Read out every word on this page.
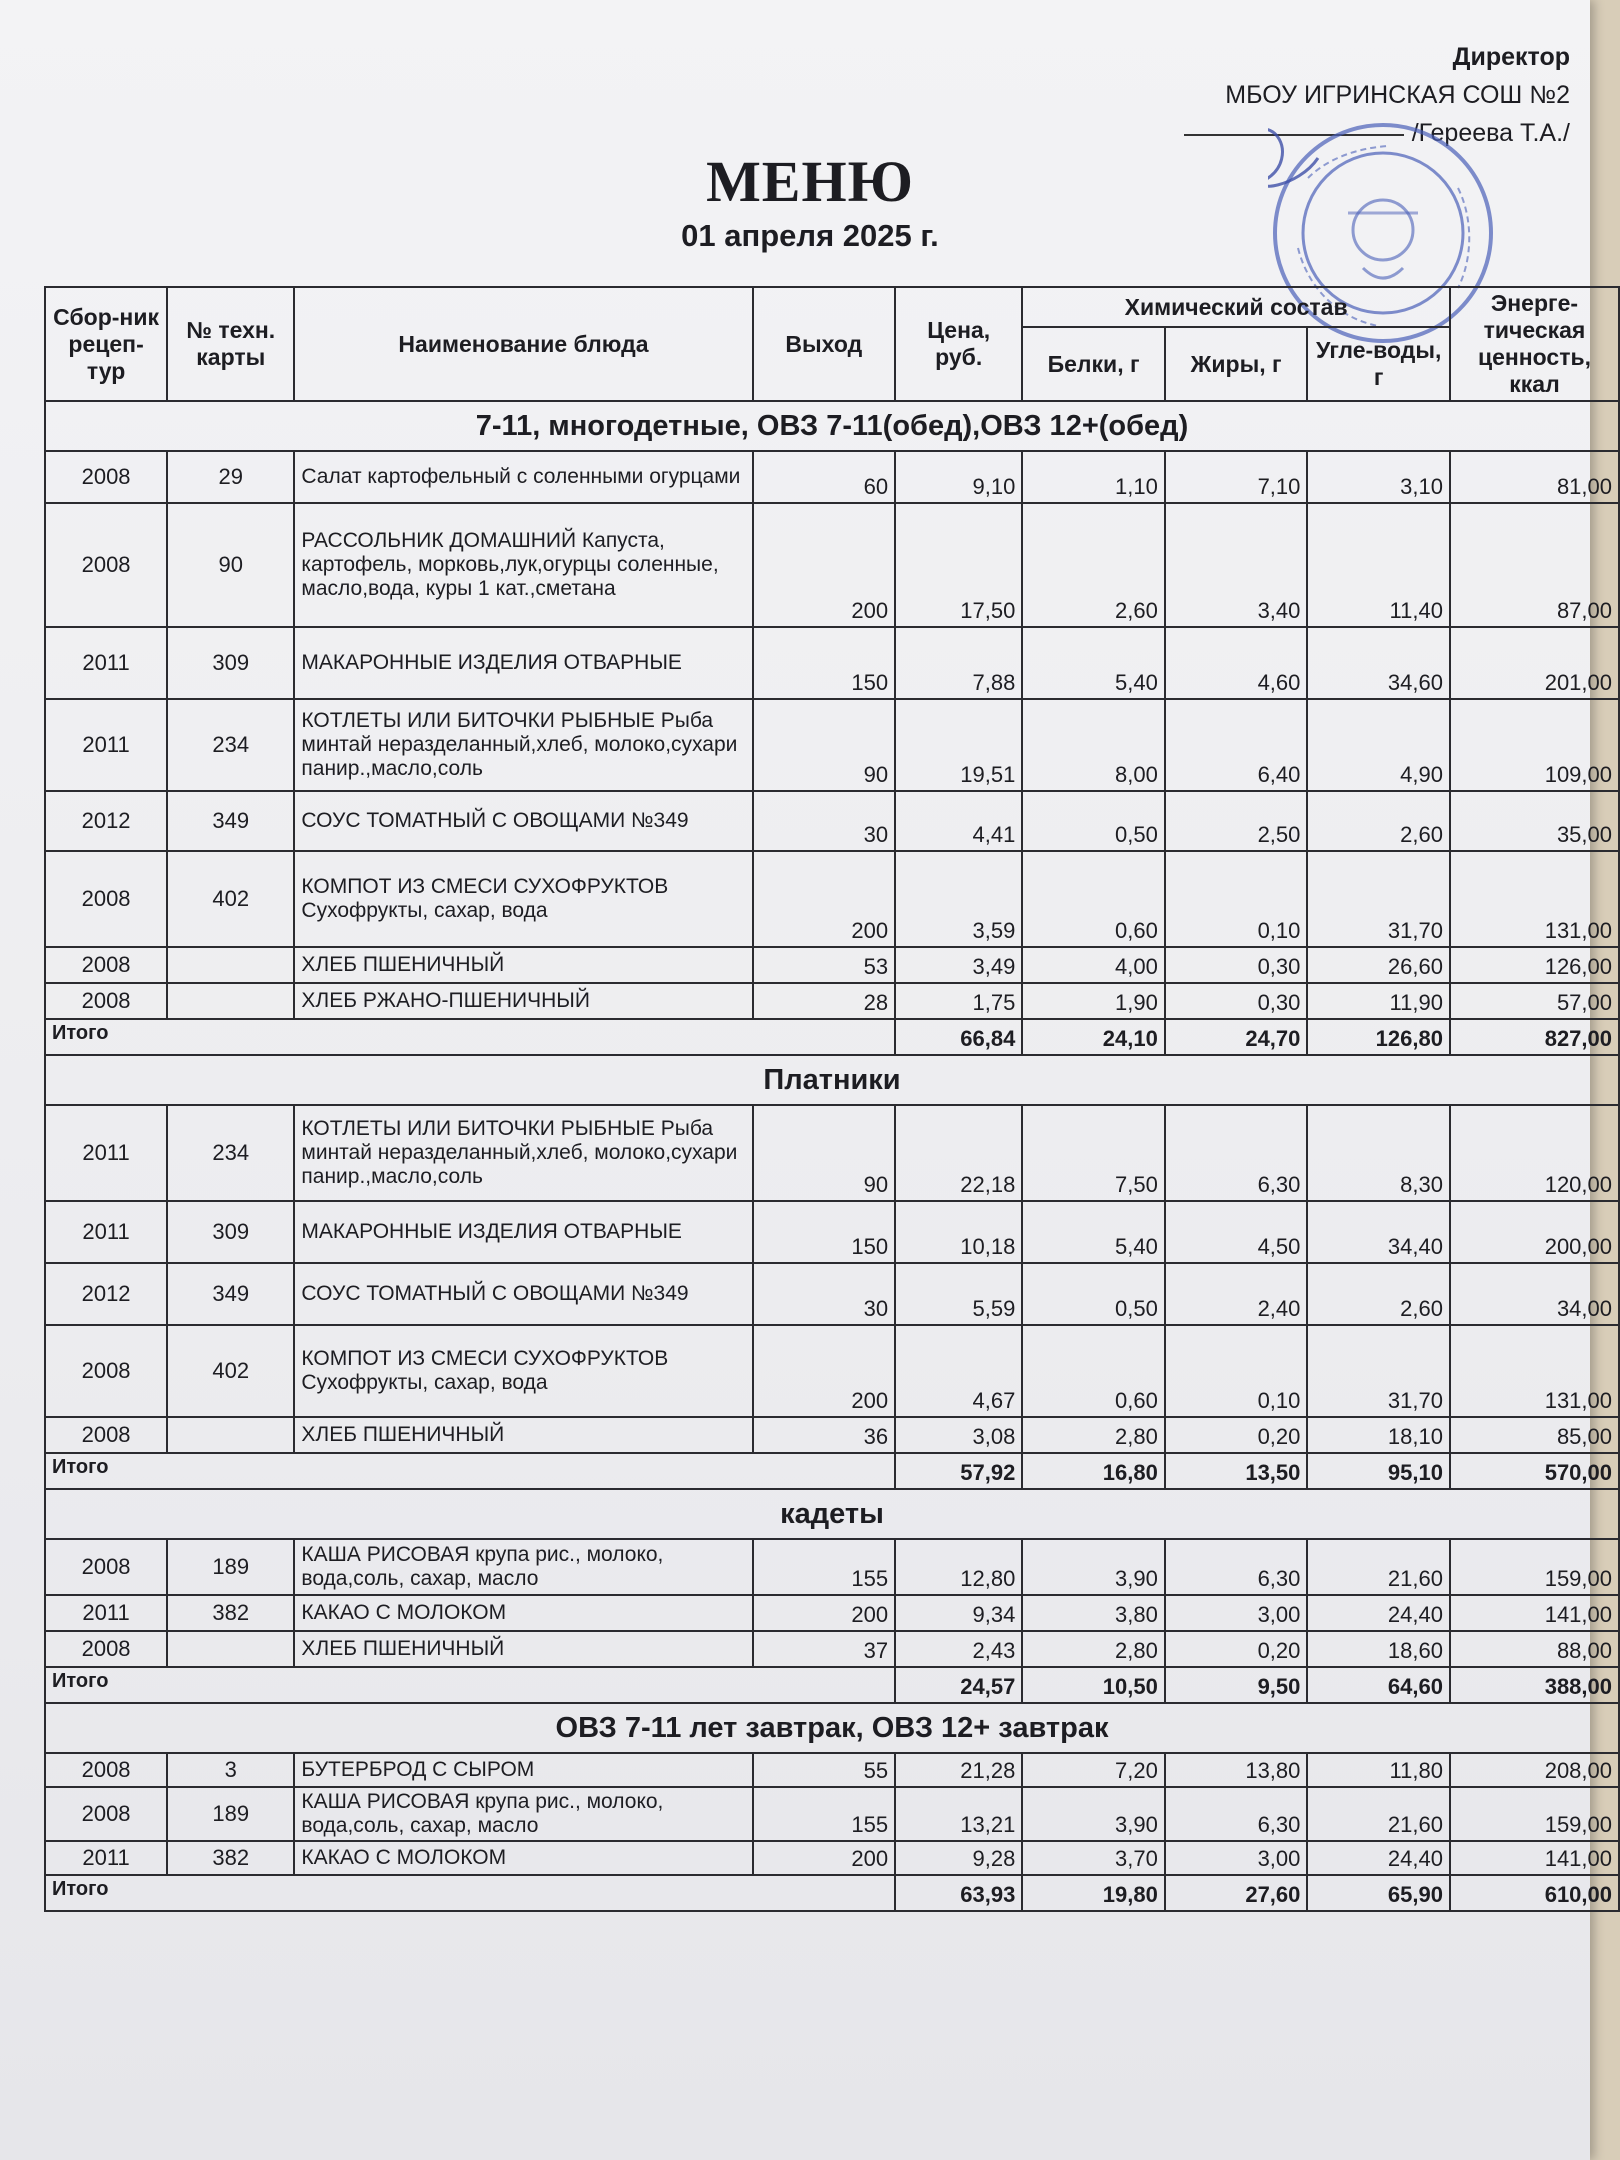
Директор
МБОУ ИГРИНСКАЯ СОШ №2
/Гереева Т.А./
МЕНЮ
01 апреля 2025 г.
Сбор-ник рецеп-тур	№ техн. карты	Наименование блюда	Выход	Цена, руб.	Химический состав			Энерге-тическая ценность, ккал
					Белки, г	Жиры, г	Угле-воды, г	
7-11, многодетные, ОВЗ 7-11(обед),ОВЗ 12+(обед)								
2008	29	Салат картофельный с соленными огурцами	60	9,10	1,10	7,10	3,10	81,00
2008	90	РАССОЛЬНИК ДОМАШНИЙ Капуста, картофель, морковь,лук,огурцы соленные, масло,вода, куры 1 кат.,сметана	200	17,50	2,60	3,40	11,40	87,00
2011	309	МАКАРОННЫЕ ИЗДЕЛИЯ ОТВАРНЫЕ	150	7,88	5,40	4,60	34,60	201,00
2011	234	КОТЛЕТЫ ИЛИ БИТОЧКИ РЫБНЫЕ Рыба минтай неразделанный,хлеб, молоко,сухари панир.,масло,соль	90	19,51	8,00	6,40	4,90	109,00
2012	349	СОУС ТОМАТНЫЙ С ОВОЩАМИ №349	30	4,41	0,50	2,50	2,60	35,00
2008	402	КОМПОТ ИЗ СМЕСИ СУХОФРУКТОВ Сухофрукты, сахар, вода	200	3,59	0,60	0,10	31,70	131,00
2008		ХЛЕБ ПШЕНИЧНЫЙ	53	3,49	4,00	0,30	26,60	126,00
2008		ХЛЕБ РЖАНО-ПШЕНИЧНЫЙ	28	1,75	1,90	0,30	11,90	57,00
Итого				66,84	24,10	24,70	126,80	827,00
Платники								
2011	234	КОТЛЕТЫ ИЛИ БИТОЧКИ РЫБНЫЕ Рыба минтай неразделанный,хлеб, молоко,сухари панир.,масло,соль	90	22,18	7,50	6,30	8,30	120,00
2011	309	МАКАРОННЫЕ ИЗДЕЛИЯ ОТВАРНЫЕ	150	10,18	5,40	4,50	34,40	200,00
2012	349	СОУС ТОМАТНЫЙ С ОВОЩАМИ №349	30	5,59	0,50	2,40	2,60	34,00
2008	402	КОМПОТ ИЗ СМЕСИ СУХОФРУКТОВ Сухофрукты, сахар, вода	200	4,67	0,60	0,10	31,70	131,00
2008		ХЛЕБ ПШЕНИЧНЫЙ	36	3,08	2,80	0,20	18,10	85,00
Итого				57,92	16,80	13,50	95,10	570,00
кадеты								
2008	189	КАША РИСОВАЯ крупа рис., молоко, вода,соль, сахар, масло	155	12,80	3,90	6,30	21,60	159,00
2011	382	КАКАО С МОЛОКОМ	200	9,34	3,80	3,00	24,40	141,00
2008		ХЛЕБ ПШЕНИЧНЫЙ	37	2,43	2,80	0,20	18,60	88,00
Итого				24,57	10,50	9,50	64,60	388,00
ОВЗ 7-11 лет завтрак, ОВЗ 12+ завтрак								
2008	3	БУТЕРБРОД С СЫРОМ	55	21,28	7,20	13,80	11,80	208,00
2008	189	КАША РИСОВАЯ крупа рис., молоко, вода,соль, сахар, масло	155	13,21	3,90	6,30	21,60	159,00
2011	382	КАКАО С МОЛОКОМ	200	9,28	3,70	3,00	24,40	141,00
Итого				63,93	19,80	27,60	65,90	610,00
